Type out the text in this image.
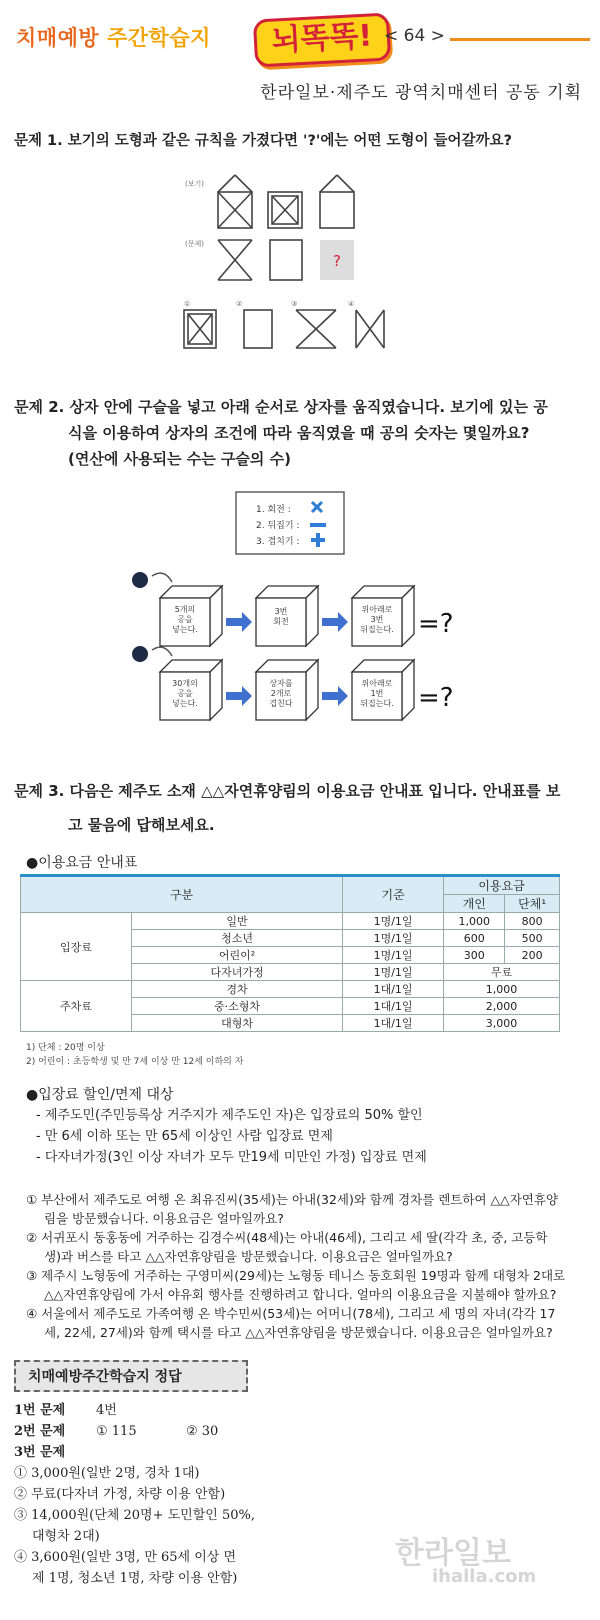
치매예방 주간학습지	뇌똑똑! < 64 >
한라일보·제주도 광역치매센터 공동 기획
문제 1. 보기의 도형과 같은 규칙을 가졌다면 '?'에는 어떤 도형이 들어갈까요?
(보기)
(문제)
?
①	②	③	④
문제 2. 상자 안에 구슬을 넣고 아래 순서로 상자를 움직였습니다. 보기에 있는 공
식을 이용하여 상자의 조건에 따라 움직였을 때 공의 숫자는 몇일까요?
(연산에 사용되는 수는 구슬의 수)
1. 회전 :
2. 뒤집기 :
3. 겹치기 :
5개의
공을
넣는다.
3번
회전
위아래로
3번
뒤집는다. =?
30개의
공을
넣는다.
상자를
2개로
겹친다
위아래로
1번
뒤집는다. =?
문제 3. 다음은 제주도 소재 △△자연휴양림의 이용요금 안내표 입니다. 안내표를 보
고 물음에 답해보세요.
●이용요금 안내표
구분		기준	이용요금	
			개인	단체¹
입장료	일반	1명/1일	1,000	800
	청소년	1명/1일	600	500
	어린이²	1명/1일	300	200
	다자녀가정	1명/1일	무료	
주차료	경차	1대/1일	1,000	
	중·소형차	1대/1일	2,000	
	대형차	1대/1일	3,000	
1) 단체 : 20명 이상
2) 어린이 : 초등학생 및 만 7세 이상 만 12세 이하의 자
●입장료 할인/면제 대상
- 제주도민(주민등록상 거주지가 제주도인 자)은 입장료의 50% 할인
- 만 6세 이하 또는 만 65세 이상인 사람 입장료 면제
- 다자녀가정(3인 이상 자녀가 모두 만19세 미만인 가정) 입장료 면제
① 부산에서 제주도로 여행 온 최유진씨(35세)는 아내(32세)와 함께 경차를 렌트하여 △△자연휴양
림을 방문했습니다. 이용요금은 얼마일까요?
② 서귀포시 동홍동에 거주하는 김경수씨(48세)는 아내(46세), 그리고 세 딸(각각 초, 중, 고등학
생)과 버스를 타고 △△자연휴양림을 방문했습니다. 이용요금은 얼마일까요?
③ 제주시 노형동에 거주하는 구영미씨(29세)는 노형동 테니스 동호회원 19명과 함께 대형차 2대로
△△자연휴양림에 가서 야유회 행사를 진행하려고 합니다. 얼마의 이용요금을 지불해야 할까요?
④ 서울에서 제주도로 가족여행 온 박수민씨(53세)는 어머니(78세), 그리고 세 명의 자녀(각각 17
세, 22세, 27세)와 함께 택시를 타고 △△자연휴양림을 방문했습니다. 이용요금은 얼마일까요?
치매예방주간학습지 정답
1번 문제 4번
2번 문제 ① 115	② 30
3번 문제
① 3,000원(일반 2명, 경차 1대)
② 무료(다자녀 가정, 차량 이용 안함)
③ 14,000원(단체 20명+ 도민할인 50%,
대형차 2대)
④ 3,600원(일반 3명, 만 65세 이상 면
제 1명, 청소년 1명, 차량 이용 안함)
한라일보
ihalla.com
